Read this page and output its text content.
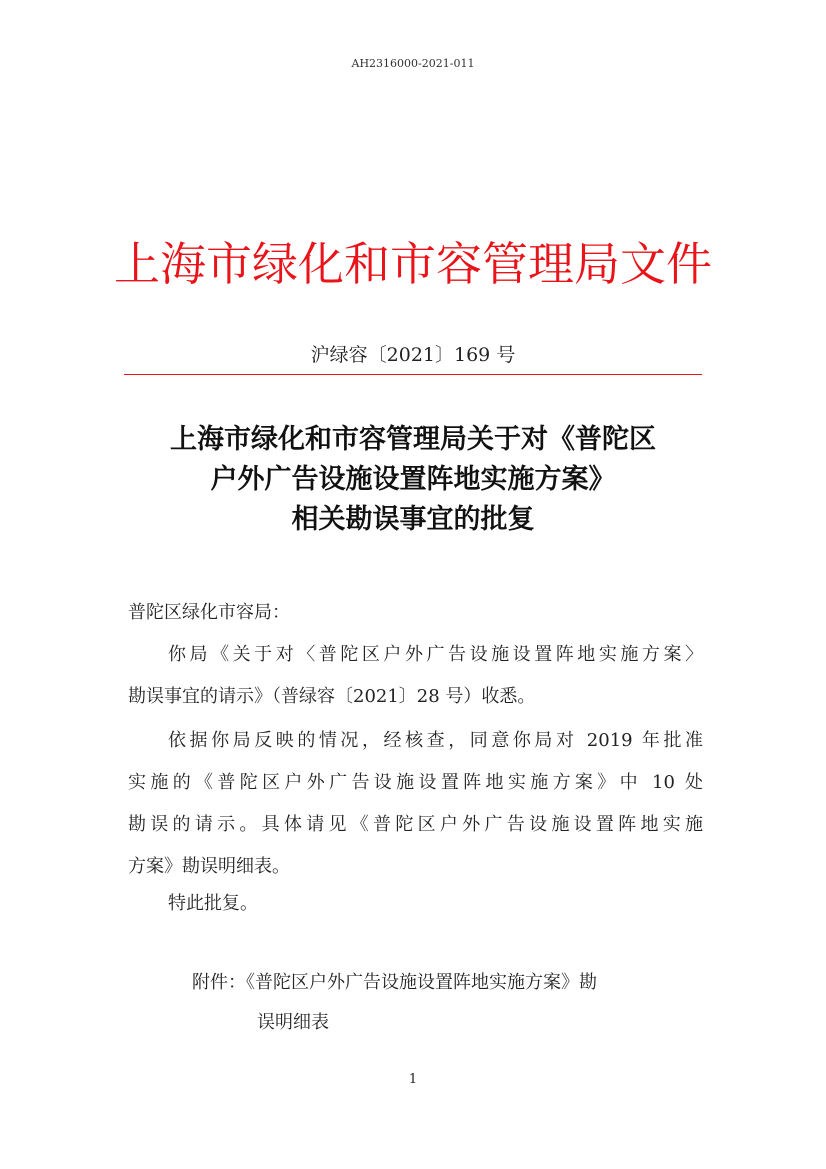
AH2316000-2021-011
上海市绿化和市容管理局文件
沪绿容〔2021〕169 号
上海市绿化和市容管理局关于对《普陀区
户外广告设施设置阵地实施方案》
相关勘误事宜的批复
普陀区绿化市容局：
你局《关于对〈普陀区户外广告设施设置阵地实施方案〉
勘误事宜的请示》（普绿容〔2021〕28 号）收悉。
依据你局反映的情况，经核查，同意你局对 2019 年批准
实施的《普陀区户外广告设施设置阵地实施方案》中 10 处
勘误的请示。具体请见《普陀区户外广告设施设置阵地实施
方案》勘误明细表。
特此批复。
附件：《普陀区户外广告设施设置阵地实施方案》勘
误明细表
1
